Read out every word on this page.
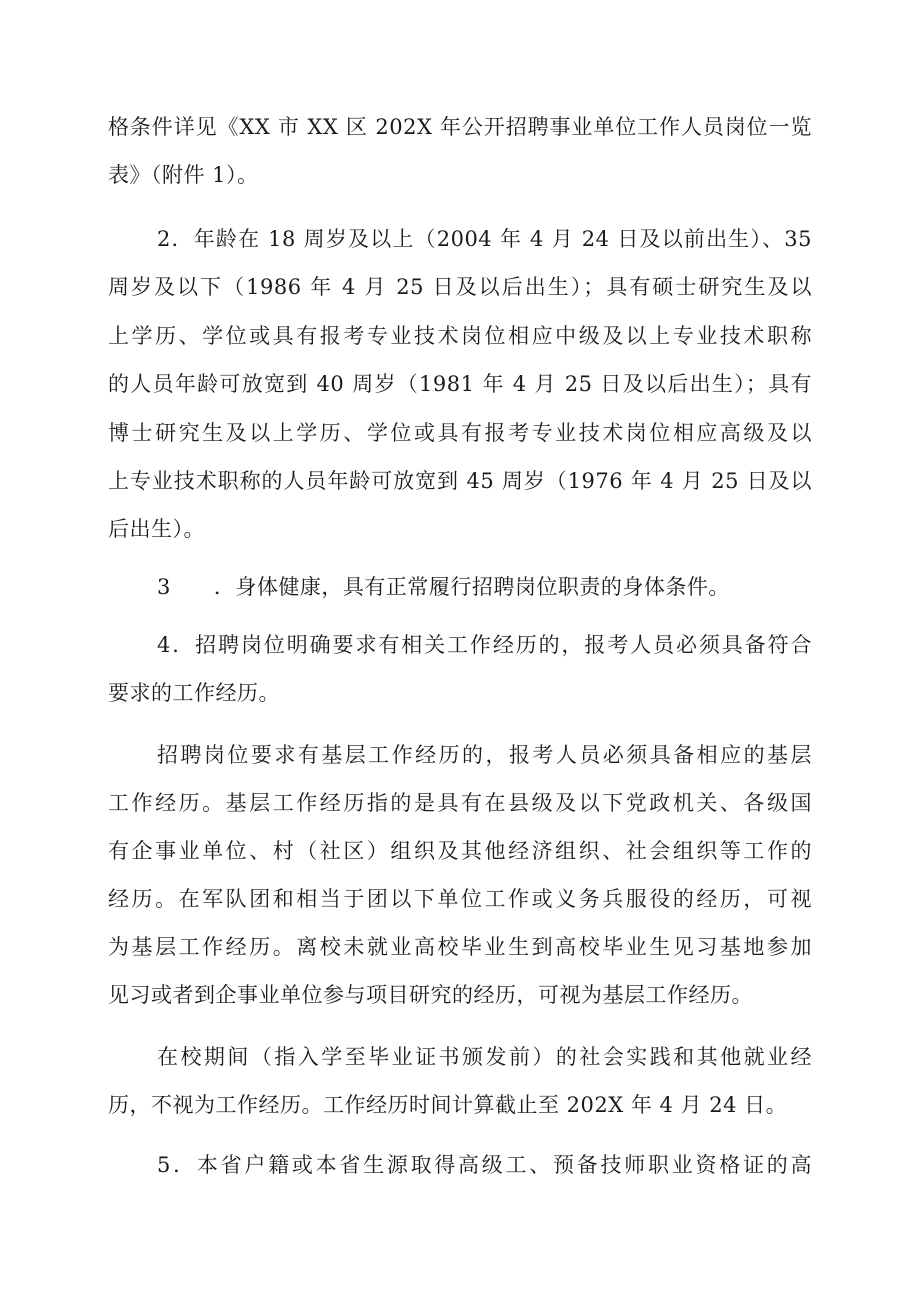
格条件详见《XX 市 XX 区 202X 年公开招聘事业单位工作人员岗位一览
表》（附件 1）。
2．年龄在 18 周岁及以上（2004 年 4 月 24 日及以前出生）、35
周岁及以下（1986 年 4 月 25 日及以后出生）；具有硕士研究生及以
上学历、学位或具有报考专业技术岗位相应中级及以上专业技术职称
的人员年龄可放宽到 40 周岁（1981 年 4 月 25 日及以后出生）；具有
博士研究生及以上学历、学位或具有报考专业技术岗位相应高级及以
上专业技术职称的人员年龄可放宽到 45 周岁（1976 年 4 月 25 日及以
后出生）。
3　　．身体健康，具有正常履行招聘岗位职责的身体条件。
4．招聘岗位明确要求有相关工作经历的，报考人员必须具备符合
要求的工作经历。
招聘岗位要求有基层工作经历的，报考人员必须具备相应的基层
工作经历。基层工作经历指的是具有在县级及以下党政机关、各级国
有企事业单位、村（社区）组织及其他经济组织、社会组织等工作的
经历。在军队团和相当于团以下单位工作或义务兵服役的经历，可视
为基层工作经历。离校未就业高校毕业生到高校毕业生见习基地参加
见习或者到企事业单位参与项目研究的经历，可视为基层工作经历。
在校期间（指入学至毕业证书颁发前）的社会实践和其他就业经
历，不视为工作经历。工作经历时间计算截止至 202X 年 4 月 24 日。
5．本省户籍或本省生源取得高级工、预备技师职业资格证的高
